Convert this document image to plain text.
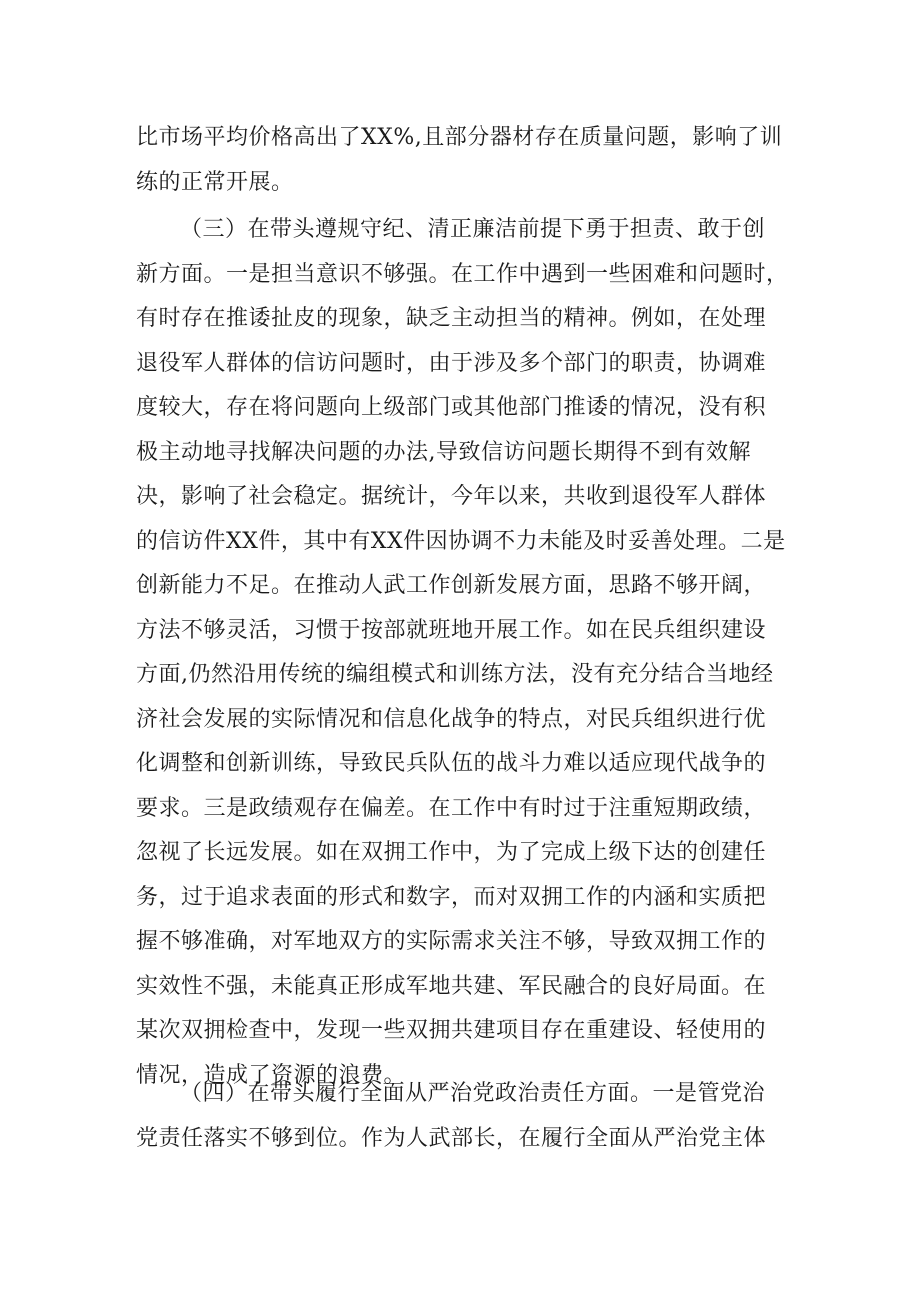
比市场平均价格高出了XX%,且部分器材存在质量问题，影响了训
练的正常开展。
（三）在带头遵规守纪、清正廉洁前提下勇于担责、敢于创
新方面。一是担当意识不够强。在工作中遇到一些困难和问题时，
有时存在推诿扯皮的现象，缺乏主动担当的精神。例如，在处理
退役军人群体的信访问题时，由于涉及多个部门的职责，协调难
度较大，存在将问题向上级部门或其他部门推诿的情况，没有积
极主动地寻找解决问题的办法,导致信访问题长期得不到有效解
决，影响了社会稳定。据统计，今年以来，共收到退役军人群体
的信访件XX件，其中有XX件因协调不力未能及时妥善处理。二是
创新能力不足。在推动人武工作创新发展方面，思路不够开阔，
方法不够灵活，习惯于按部就班地开展工作。如在民兵组织建设
方面,仍然沿用传统的编组模式和训练方法，没有充分结合当地经
济社会发展的实际情况和信息化战争的特点，对民兵组织进行优
化调整和创新训练，导致民兵队伍的战斗力难以适应现代战争的
要求。三是政绩观存在偏差。在工作中有时过于注重短期政绩，
忽视了长远发展。如在双拥工作中，为了完成上级下达的创建任
务，过于追求表面的形式和数字，而对双拥工作的内涵和实质把
握不够准确，对军地双方的实际需求关注不够，导致双拥工作的
实效性不强，未能真正形成军地共建、军民融合的良好局面。在
某次双拥检查中，发现一些双拥共建项目存在重建设、轻使用的
情况，造成了资源的浪费。
（四）在带头履行全面从严治党政治责任方面。一是管党治
党责任落实不够到位。作为人武部长，在履行全面从严治党主体
